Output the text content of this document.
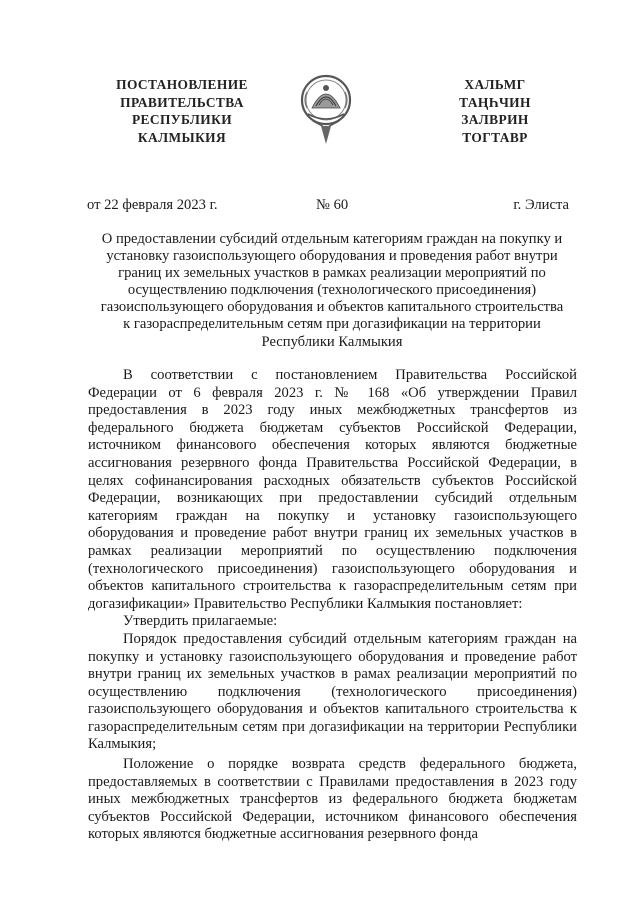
ПОСТАНОВЛЕНИЕ
ПРАВИТЕЛЬСТВА
РЕСПУБЛИКИ
КАЛМЫКИЯ
ХАЛЬМГ
ТАҢҺЧИН
ЗАЛВРИН
ТОГТАВР
от 22 февраля 2023 г.	№ 60	г. Элиста
О предоставлении субсидий отдельным категориям граждан на покупку и
установку газоиспользующего оборудования и проведения работ внутри
границ их земельных участков в рамках реализации мероприятий по
осуществлению подключения (технологического присоединения)
газоиспользующего оборудования и объектов капитального строительства
к газораспределительным сетям при догазификации на территории
Республики Калмыкия

В соответствии с постановлением Правительства Российской Федерации от 6 февраля 2023 г. № 168 «Об утверждении Правил предоставления в 2023 году иных межбюджетных трансфертов из федерального бюджета бюджетам субъектов Российской Федерации, источником финансового обеспечения которых являются бюджетные ассигнования резервного фонда Правительства Российской Федерации, в целях софинансирования расходных обязательств субъектов Российской Федерации, возникающих при предоставлении субсидий отдельным категориям граждан на покупку и установку газоиспользующего оборудования и проведение работ внутри границ их земельных участков в рамках реализации мероприятий по осуществлению подключения (технологического присоединения) газоиспользующего оборудования и объектов капитального строительства к газораспределительным сетям при догазификации» Правительство Республики Калмыкия постановляет:

Утвердить прилагаемые:

Порядок предоставления субсидий отдельным категориям граждан на покупку и установку газоиспользующего оборудования и проведение работ внутри границ их земельных участков в рамах реализации мероприятий по осуществлению подключения (технологического присоединения) газоиспользующего оборудования и объектов капитального строительства к газораспределительным сетям при догазификации на территории Республики Калмыкия;

Положение о порядке возврата средств федерального бюджета, предоставляемых в соответствии с Правилами предоставления в 2023 году иных межбюджетных трансфертов из федерального бюджета бюджетам субъектов Российской Федерации, источником финансового обеспечения которых являются бюджетные ассигнования резервного фонда
